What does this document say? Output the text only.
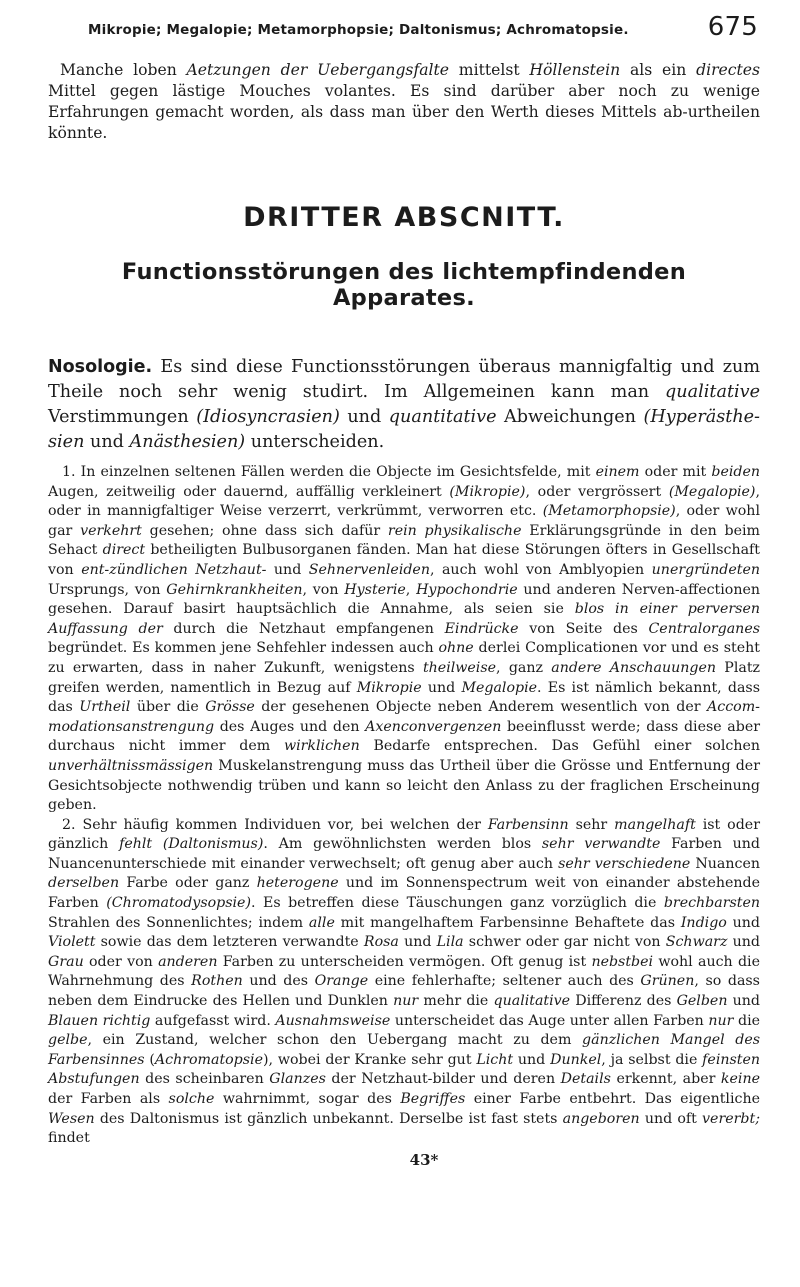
Mikropie; Megalopie; Metamorphopsie; Daltonismus; Achromatopsie.	675

Manche loben Aetzungen der Uebergangsfalte mittelst Höllenstein als ein directes Mittel gegen lästige Mouches volantes. Es sind darüber aber noch zu wenige Erfahrungen gemacht worden, als dass man über den Werth dieses Mittels ab-urtheilen könnte.

DRITTER ABSCNITT.
Functionsstörungen des lichtempfindenden Apparates.

Nosologie. Es sind diese Functionsstörungen überaus mannigfaltig und zum Theile noch sehr wenig studirt. Im Allgemeinen kann man qualitative Verstimmungen (Idiosyncrasien) und quantitative Abweichungen (Hyperästhe-sien und Anästhesien) unterscheiden.

1. In einzelnen seltenen Fällen werden die Objecte im Gesichtsfelde, mit einem oder mit beiden Augen, zeitweilig oder dauernd, auffällig verkleinert (Mikropie), oder vergrössert (Megalopie), oder in mannigfaltiger Weise verzerrt, verkrümmt, verworren etc. (Metamorphopsie), oder wohl gar verkehrt gesehen; ohne dass sich dafür rein physikalische Erklärungsgründe in den beim Sehact direct betheiligten Bulbusorganen fänden. Man hat diese Störungen öfters in Gesellschaft von ent-zündlichen Netzhaut- und Sehnervenleiden, auch wohl von Amblyopien unergründeten Ursprungs, von Gehirnkrankheiten, von Hysterie, Hypochondrie und anderen Nerven-affectionen gesehen. Darauf basirt hauptsächlich die Annahme, als seien sie blos in einer perversen Auffassung der durch die Netzhaut empfangenen Eindrücke von Seite des Centralorganes begründet. Es kommen jene Sehfehler indessen auch ohne derlei Complicationen vor und es steht zu erwarten, dass in naher Zukunft, wenigstens theilweise, ganz andere Anschauungen Platz greifen werden, namentlich in Bezug auf Mikropie und Megalopie. Es ist nämlich bekannt, dass das Urtheil über die Grösse der gesehenen Objecte neben Anderem wesentlich von der Accom-modationsanstrengung des Auges und den Axenconvergenzen beeinflusst werde; dass diese aber durchaus nicht immer dem wirklichen Bedarfe entsprechen. Das Gefühl einer solchen unverhältnissmässigen Muskelanstrengung muss das Urtheil über die Grösse und Entfernung der Gesichtsobjecte nothwendig trüben und kann so leicht den Anlass zu der fraglichen Erscheinung geben.

2. Sehr häufig kommen Individuen vor, bei welchen der Farbensinn sehr mangelhaft ist oder gänzlich fehlt (Daltonismus). Am gewöhnlichsten werden blos sehr verwandte Farben und Nuancenunterschiede mit einander verwechselt; oft genug aber auch sehr verschiedene Nuancen derselben Farbe oder ganz heterogene und im Sonnenspectrum weit von einander abstehende Farben (Chromatodysopsie). Es betreffen diese Täuschungen ganz vorzüglich die brechbarsten Strahlen des Sonnenlichtes; indem alle mit mangelhaftem Farbensinne Behaftete das Indigo und Violett sowie das dem letzteren verwandte Rosa und Lila schwer oder gar nicht von Schwarz und Grau oder von anderen Farben zu unterscheiden vermögen. Oft genug ist nebstbei wohl auch die Wahrnehmung des Rothen und des Orange eine fehlerhafte; seltener auch des Grünen, so dass neben dem Eindrucke des Hellen und Dunklen nur mehr die qualitative Differenz des Gelben und Blauen richtig aufgefasst wird. Ausnahmsweise unterscheidet das Auge unter allen Farben nur die gelbe, ein Zustand, welcher schon den Uebergang macht zu dem gänzlichen Mangel des Farbensinnes (Achromatopsie), wobei der Kranke sehr gut Licht und Dunkel, ja selbst die feinsten Abstufungen des scheinbaren Glanzes der Netzhaut-bilder und deren Details erkennt, aber keine der Farben als solche wahrnimmt, sogar des Begriffes einer Farbe entbehrt. Das eigentliche Wesen des Daltonismus ist gänzlich unbekannt. Derselbe ist fast stets angeboren und oft vererbt; findet

43*
